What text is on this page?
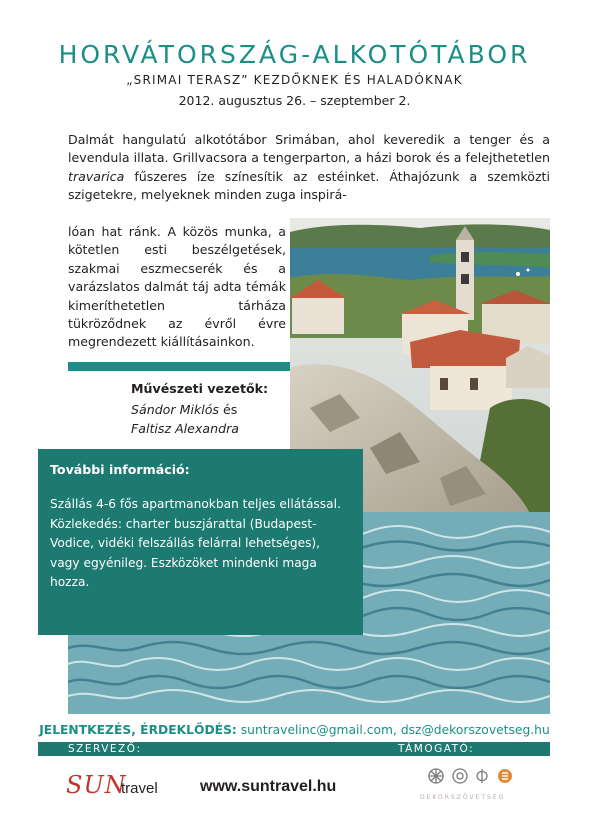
HORVÁTORSZÁG-ALKOTÓTÁBOR
„SRIMAI TERASZ” KEZDŐKNEK ÉS HALADÓKNAK
2012. augusztus 26. – szeptember 2.
Dalmát hangulatú alkotótábor Srimában, ahol keveredik a tenger és a levendula illata. Grillvacsora a tengerparton, a házi borok és a felejthetetlen travarica fűszeres íze színesítik az estéinket. Áthajózunk a szemközti szigetekre, melyeknek minden zuga inspirá-
lóan hat ránk. A közös munka, a kötetlen esti beszélgetések, szakmai eszmecserék és a varázslatos dalmát táj adta témák kimeríthetetlen tárháza tükröződnek az évről évre megrendezett kiállításainkon.
Művészeti vezetők:
Sándor Miklós és
Faltisz Alexandra
További információ:
Szállás 4-6 fős apartmanokban teljes ellátással. Közlekedés: charter buszjárattal (Budapest-Vodice, vidéki felszállás felárral lehetséges), vagy egyénileg. Eszközöket mindenki maga hozza.
JELENTKEZÉS, ÉRDEKLŐDÉS: suntravelinc@gmail.com, dsz@dekorszovetseg.hu
SZERVEZŐ:	TÁMOGATÓ:
SUN
travel	www.suntravel.hu
DEKORSZÖVETSÉG
